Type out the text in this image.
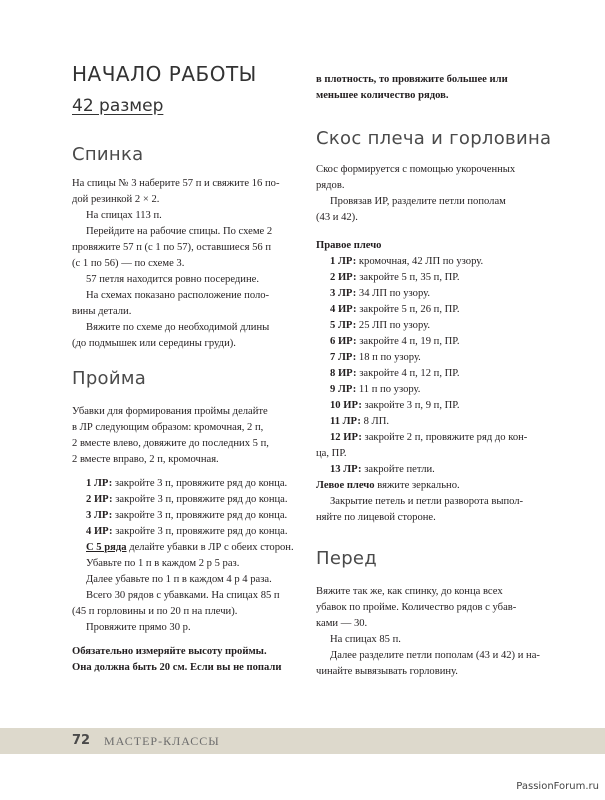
НАЧАЛО РАБОТЫ
42 размер
Спинка

На спицы № 3 наберите 57 п и свяжите 16 по-

дой резинкой 2 × 2.

На спицах 113 п.

Перейдите на рабочие спицы. По схеме 2

провяжите 57 п (с 1 по 57), оставшиеся 56 п

(с 1 по 56) — по схеме 3.

57 петля находится ровно посередине.

На схемах показано расположение поло-

вины детали.

Вяжите по схеме до необходимой длины

(до подмышек или середины груди).

Пройма

Убавки для формирования проймы делайте

в ЛР следующим образом: кромочная, 2 п,

2 вместе влево, довяжите до последних 5 п,

2 вместе вправо, 2 п, кромочная.

1 ЛР: закройте 3 п, провяжите ряд до конца.

2 ИР: закройте 3 п, провяжите ряд до конца.

3 ЛР: закройте 3 п, провяжите ряд до конца.

4 ИР: закройте 3 п, провяжите ряд до конца.

С 5 ряда делайте убавки в ЛР с обеих сторон.

Убавьте по 1 п в каждом 2 р 5 раз.

Далее убавьте по 1 п в каждом 4 р 4 раза.

Всего 30 рядов с убавками. На спицах 85 п

(45 п горловины и по 20 п на плечи).

Провяжите прямо 30 р.

Обязательно измеряйте высоту проймы.

Она должна быть 20 см. Если вы не попали

в плотность, то провяжите большее или

меньшее количество рядов.

Скос плеча и горловина

Скос формируется с помощью укороченных

рядов.

Провязав ИР, разделите петли пополам

(43 и 42).

Правое плечо

1 ЛР: кромочная, 42 ЛП по узору.

2 ИР: закройте 5 п, 35 п, ПР.

3 ЛР: 34 ЛП по узору.

4 ИР: закройте 5 п, 26 п, ПР.

5 ЛР: 25 ЛП по узору.

6 ИР: закройте 4 п, 19 п, ПР.

7 ЛР: 18 п по узору.

8 ИР: закройте 4 п, 12 п, ПР.

9 ЛР: 11 п по узору.

10 ИР: закройте 3 п, 9 п, ПР.

11 ЛР: 8 ЛП.

12 ИР: закройте 2 п, провяжите ряд до кон-

ца, ПР.

13 ЛР: закройте петли.

Левое плечо вяжите зеркально.

Закрытие петель и петли разворота выпол-

няйте по лицевой стороне.

Перед

Вяжите так же, как спинку, до конца всех

убавок по пройме. Количество рядов с убав-

ками — 30.

На спицах 85 п.

Далее разделите петли пополам (43 и 42) и на-

чинайте вывязывать горловину.

72 МАСТЕР-КЛАССЫ
PassionForum.ru
